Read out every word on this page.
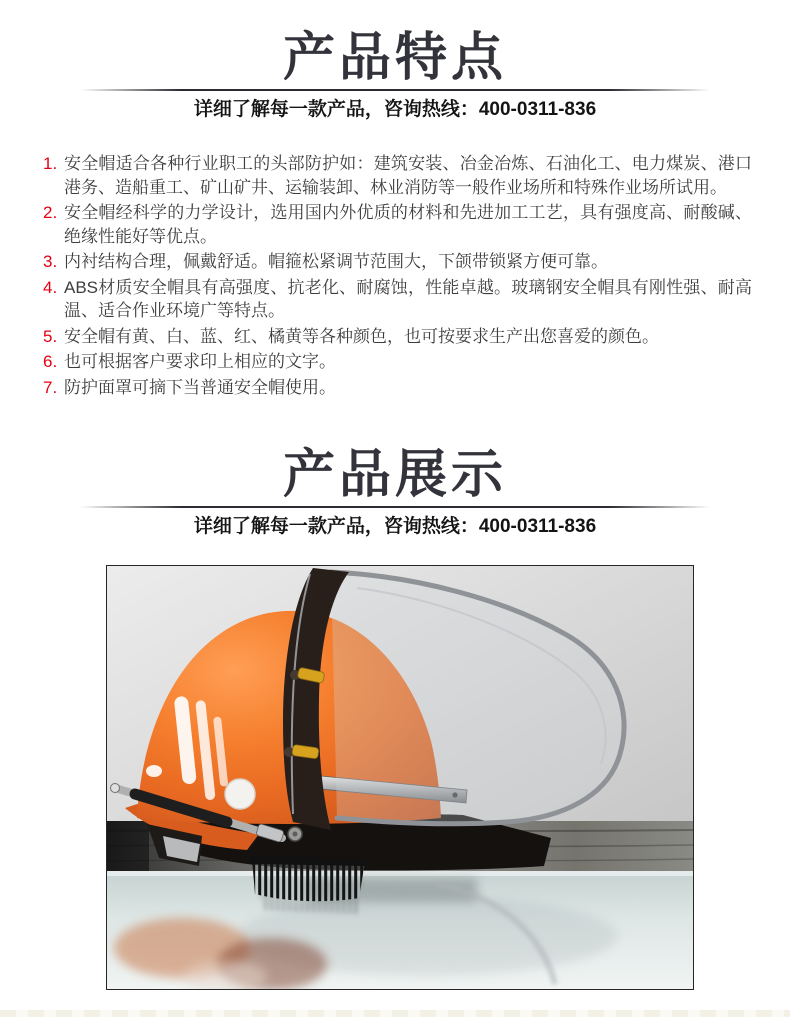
产品特点

详细了解每一款产品，咨询热线：400-0311-836

1. 安全帽适合各种行业职工的头部防护如：建筑安装、冶金冶炼、石油化工、电力煤炭、港口港务、造船重工、矿山矿井、运输装卸、林业消防等一般作业场所和特殊作业场所试用。
2. 安全帽经科学的力学设计，选用国内外优质的材料和先进加工工艺，具有强度高、耐酸碱、绝缘性能好等优点。
3. 内衬结构合理，佩戴舒适。帽箍松紧调节范围大，下颌带锁紧方便可靠。
4. ABS材质安全帽具有高强度、抗老化、耐腐蚀，性能卓越。玻璃钢安全帽具有刚性强、耐高温、适合作业环境广等特点。
5. 安全帽有黄、白、蓝、红、橘黄等各种颜色，也可按要求生产出您喜爱的颜色。
6. 也可根据客户要求印上相应的文字。
7. 防护面罩可摘下当普通安全帽使用。
产品展示

详细了解每一款产品，咨询热线：400-0311-836
